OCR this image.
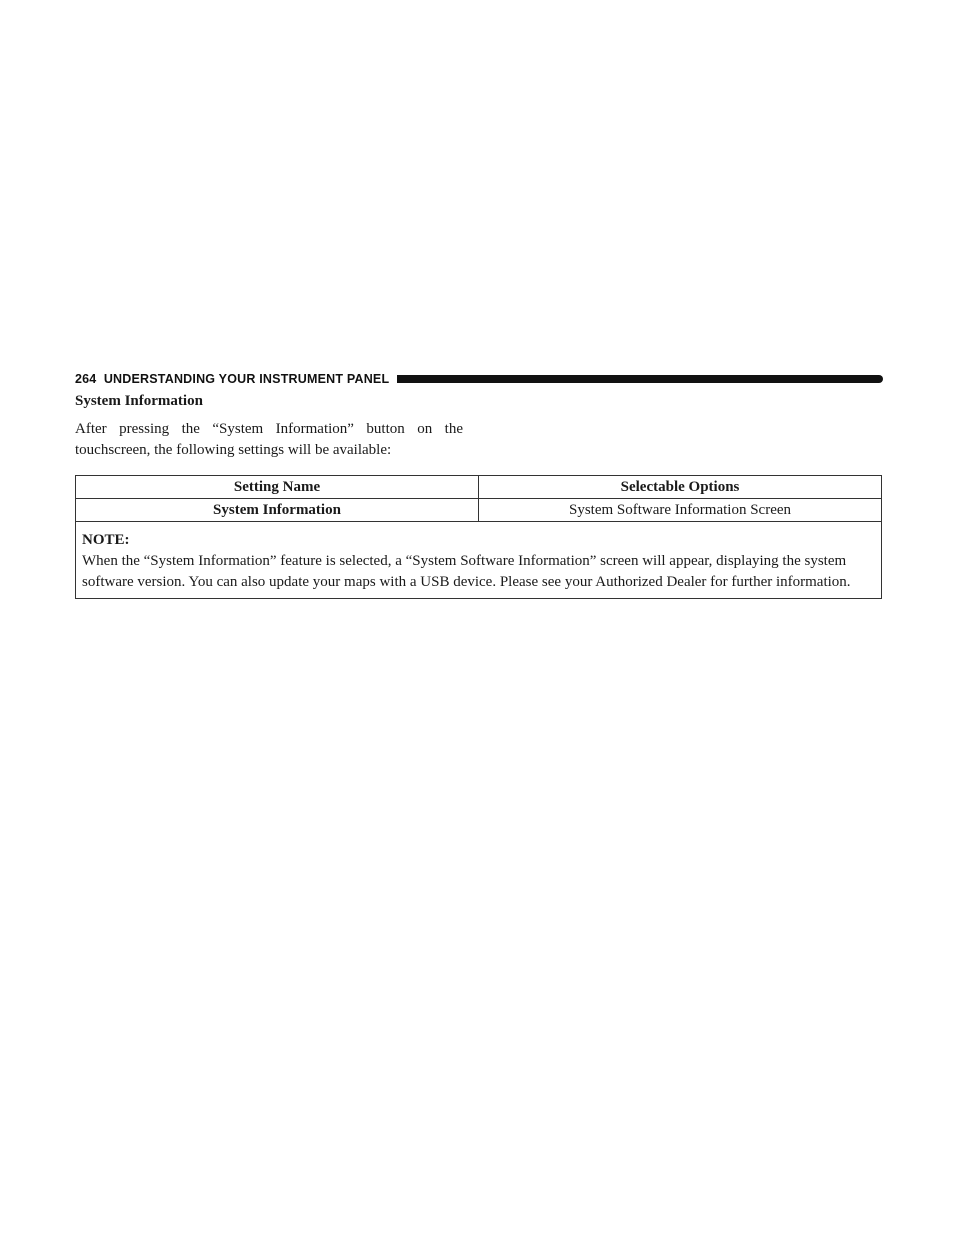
264 UNDERSTANDING YOUR INSTRUMENT PANEL
System Information

After pressing the “System Information” button on the
touchscreen, the following settings will be available:

Setting Name	Selectable Options
System Information	System Software Information Screen

NOTE:
When the “System Information” feature is selected, a “System Software Information” screen will appear, displaying the system software version. You can also update your maps with a USB device. Please see your Authorized Dealer for further information.	
